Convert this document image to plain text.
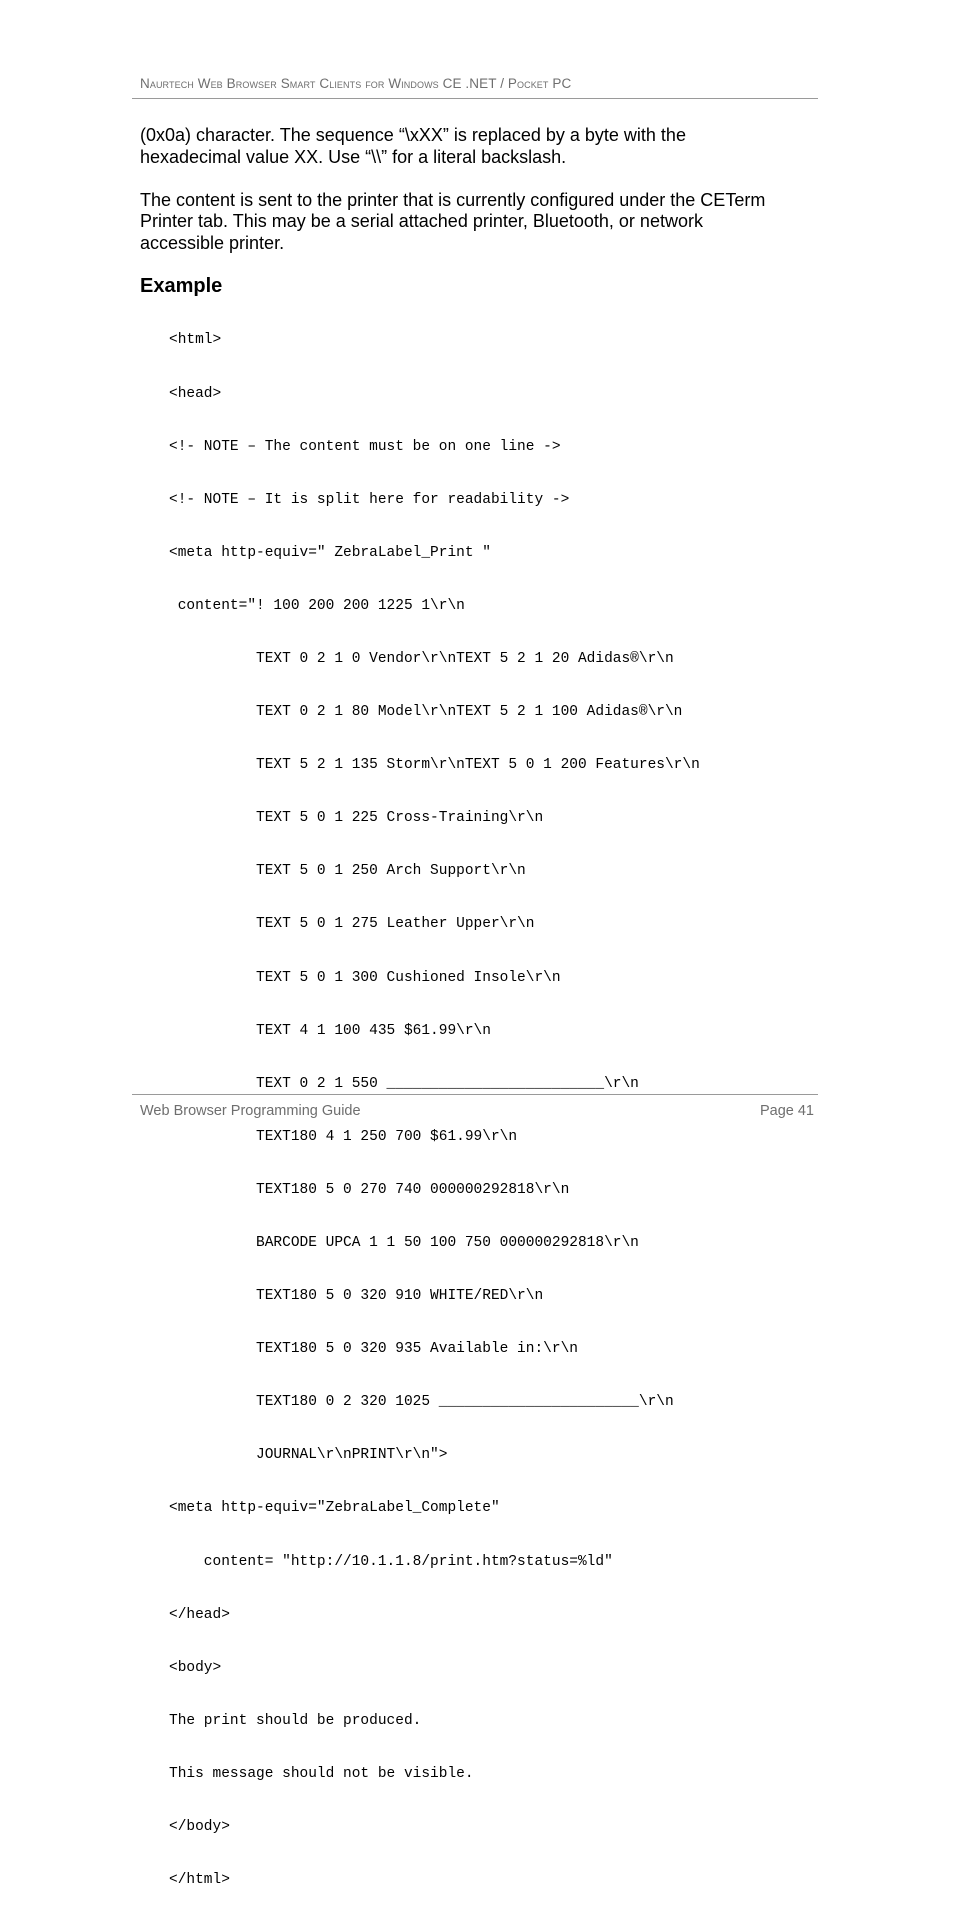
Naurtech Web Browser Smart Clients for Windows CE .NET / Pocket PC

(0x0a) character. The sequence “\xXX” is replaced by a byte with the
hexadecimal value XX. Use “\\” for a literal backslash.

The content is sent to the printer that is currently configured under the CETerm
Printer tab. This may be a serial attached printer, Bluetooth, or network
accessible printer.

Example

<html>

<head>

<!- NOTE – The content must be on one line ->

<!- NOTE – It is split here for readability ->

<meta http-equiv=" ZebraLabel_Print "

content="! 100 200 200 1225 1\r\n

TEXT 0 2 1 0 Vendor\r\nTEXT 5 2 1 20 Adidas®\r\n

TEXT 0 2 1 80 Model\r\nTEXT 5 2 1 100 Adidas®\r\n

TEXT 5 2 1 135 Storm\r\nTEXT 5 0 1 200 Features\r\n

TEXT 5 0 1 225 Cross-Training\r\n

TEXT 5 0 1 250 Arch Support\r\n

TEXT 5 0 1 275 Leather Upper\r\n

TEXT 5 0 1 300 Cushioned Insole\r\n

TEXT 4 1 100 435 $61.99\r\n

TEXT 0 2 1 550 _________________________\r\n

TEXT180 4 1 250 700 $61.99\r\n

TEXT180 5 0 270 740 000000292818\r\n

BARCODE UPCA 1 1 50 100 750 000000292818\r\n

TEXT180 5 0 320 910 WHITE/RED\r\n

TEXT180 5 0 320 935 Available in:\r\n

TEXT180 0 2 320 1025 _______________________\r\n

JOURNAL\r\nPRINT\r\n">

<meta http-equiv="ZebraLabel_Complete"

content= "http://10.1.1.8/print.htm?status=%ld"

</head>

<body>

The print should be produced.

This message should not be visible.

</body>

</html>

Web Browser Programming Guide	Page 41
